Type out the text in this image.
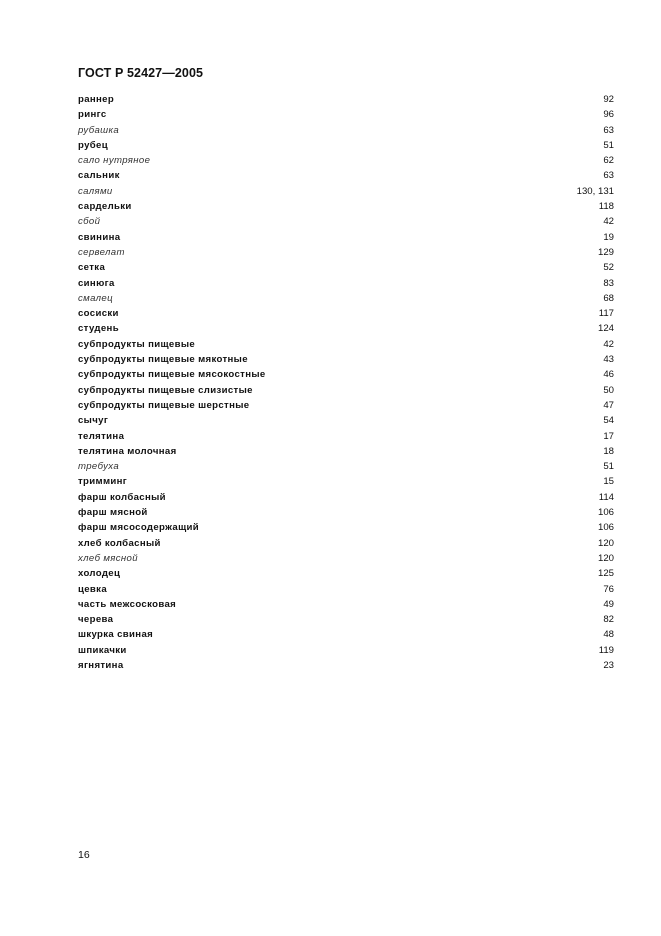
ГОСТ Р 52427—2005
раннер	92
рингс	96
рубашка	63
рубец	51
сало нутряное	62
сальник	63
салями	130, 131
сардельки	118
сбой	42
свинина	19
сервелат	129
сетка	52
синюга	83
смалец	68
сосиски	117
студень	124
субпродукты пищевые	42
субпродукты пищевые мякотные	43
субпродукты пищевые мясокостные	46
субпродукты пищевые слизистые	50
субпродукты пищевые шерстные	47
сычуг	54
телятина	17
телятина молочная	18
требуха	51
тримминг	15
фарш колбасный	114
фарш мясной	106
фарш мясосодержащий	106
хлеб колбасный	120
хлеб мясной	120
холодец	125
цевка	76
часть межсосковая	49
черева	82
шкурка свиная	48
шпикачки	119
ягнятина	23
16
